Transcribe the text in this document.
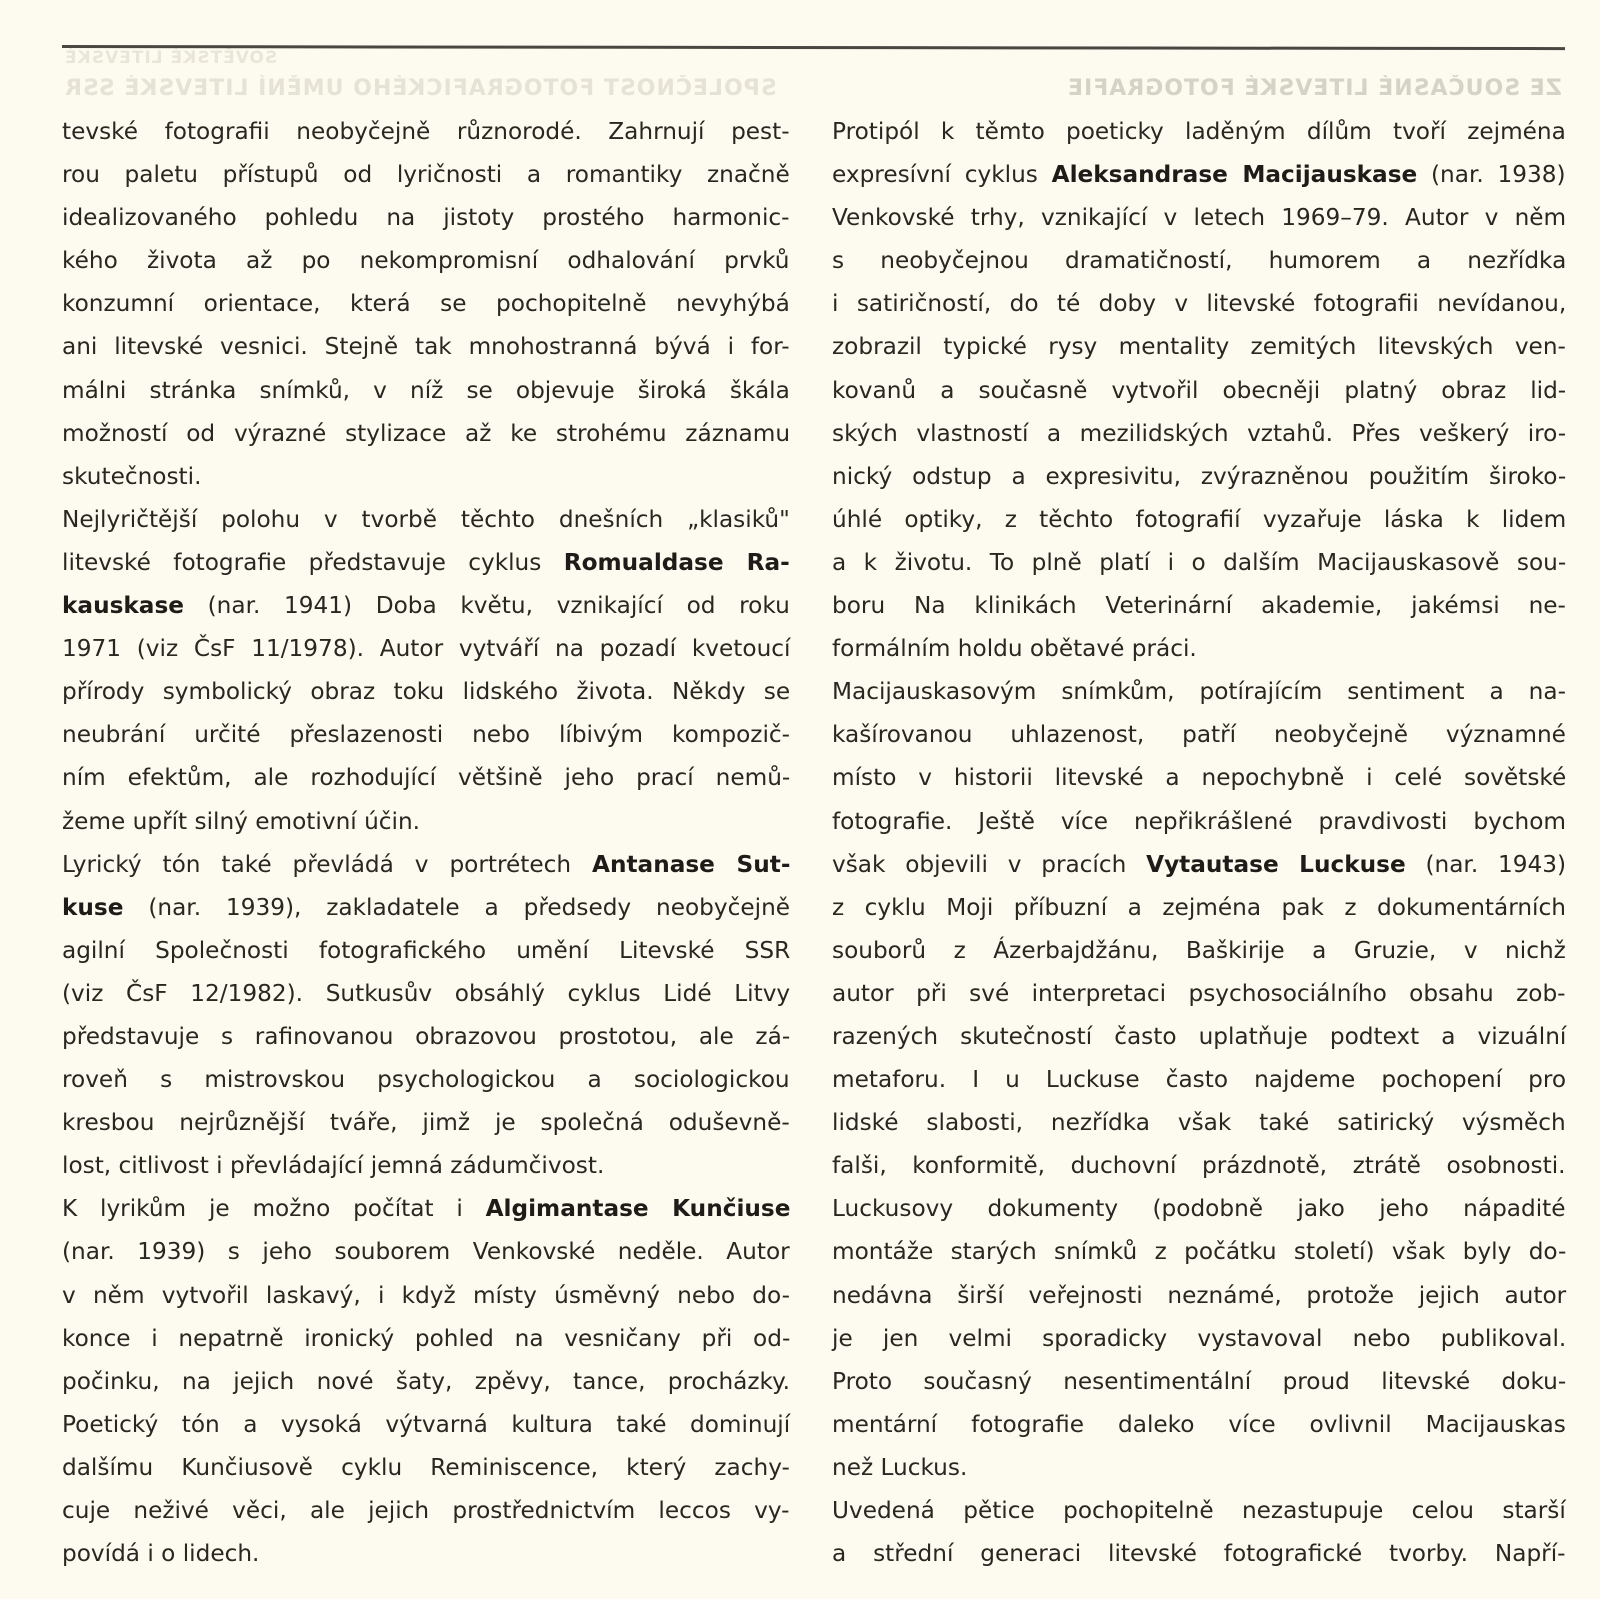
SOVĚTSKÉ LITEVSKÉ
SPOLEČNOST FOTOGRAFICKÉHO UMĚNÍ LITEVSKÉ SSR	ZE SOUČASNÉ LITEVSKÉ FOTOGRAFIE
tevské fotografii neobyčejně různorodé. Zahrnují pest-
rou paletu přístupů od lyričnosti a romantiky značně
idealizovaného pohledu na jistoty prostého harmonic-
kého života až po nekompromisní odhalování prvků
konzumní orientace, která se pochopitelně nevyhýbá
ani litevské vesnici. Stejně tak mnohostranná bývá i for-
málni stránka snímků, v níž se objevuje široká škála
možností od výrazné stylizace až ke strohému záznamu
skutečnosti.
Nejlyričtější polohu v tvorbě těchto dnešních „klasiků"
litevské fotografie představuje cyklus Romualdase Ra-
kauskase (nar. 1941) Doba květu, vznikající od roku
1971 (viz ČsF 11/1978). Autor vytváří na pozadí kvetoucí
přírody symbolický obraz toku lidského života. Někdy se
neubrání určité přeslazenosti nebo líbivým kompozič-
ním efektům, ale rozhodující většině jeho prací nemů-
žeme upřít silný emotivní účin.
Lyrický tón také převládá v portrétech Antanase Sut-
kuse (nar. 1939), zakladatele a předsedy neobyčejně
agilní Společnosti fotografického umění Litevské SSR
(viz ČsF 12/1982). Sutkusův obsáhlý cyklus Lidé Litvy
představuje s rafinovanou obrazovou prostotou, ale zá-
roveň s mistrovskou psychologickou a sociologickou
kresbou nejrůznější tváře, jimž je společná oduševně-
lost, citlivost i převládající jemná zádumčivost.
K lyrikům je možno počítat i Algimantase Kunčiuse
(nar. 1939) s jeho souborem Venkovské neděle. Autor
v něm vytvořil laskavý, i když místy úsměvný nebo do-
konce i nepatrně ironický pohled na vesničany při od-
počinku, na jejich nové šaty, zpěvy, tance, procházky.
Poetický tón a vysoká výtvarná kultura také dominují
dalšímu Kunčiusově cyklu Reminiscence, který zachy-
cuje neživé věci, ale jejich prostřednictvím leccos vy-
povídá i o lidech.
Protipól k těmto poeticky laděným dílům tvoří zejména
expresívní cyklus Aleksandrase Macijauskase (nar. 1938)
Venkovské trhy, vznikající v letech 1969–79. Autor v něm
s neobyčejnou dramatičností, humorem a nezřídka
i satiričností, do té doby v litevské fotografii nevídanou,
zobrazil typické rysy mentality zemitých litevských ven-
kovanů a současně vytvořil obecněji platný obraz lid-
ských vlastností a mezilidských vztahů. Přes veškerý iro-
nický odstup a expresivitu, zvýrazněnou použitím široko-
úhlé optiky, z těchto fotografií vyzařuje láska k lidem
a k životu. To plně platí i o dalším Macijauskasově sou-
boru Na klinikách Veterinární akademie, jakémsi ne-
formálním holdu obětavé práci.
Macijauskasovým snímkům, potírajícím sentiment a na-
kašírovanou uhlazenost, patří neobyčejně významné
místo v historii litevské a nepochybně i celé sovětské
fotografie. Ještě více nepřikrášlené pravdivosti bychom
však objevili v pracích Vytautase Luckuse (nar. 1943)
z cyklu Moji příbuzní a zejména pak z dokumentárních
souborů z Ázerbajdžánu, Baškirije a Gruzie, v nichž
autor při své interpretaci psychosociálního obsahu zob-
razených skutečností často uplatňuje podtext a vizuální
metaforu. I u Luckuse často najdeme pochopení pro
lidské slabosti, nezřídka však také satirický výsměch
falši, konformitě, duchovní prázdnotě, ztrátě osobnosti.
Luckusovy dokumenty (podobně jako jeho nápadité
montáže starých snímků z počátku století) však byly do-
nedávna širší veřejnosti neznámé, protože jejich autor
je jen velmi sporadicky vystavoval nebo publikoval.
Proto současný nesentimentální proud litevské doku-
mentární fotografie daleko více ovlivnil Macijauskas
než Luckus.
Uvedená pětice pochopitelně nezastupuje celou starší
a střední generaci litevské fotografické tvorby. Napří-
